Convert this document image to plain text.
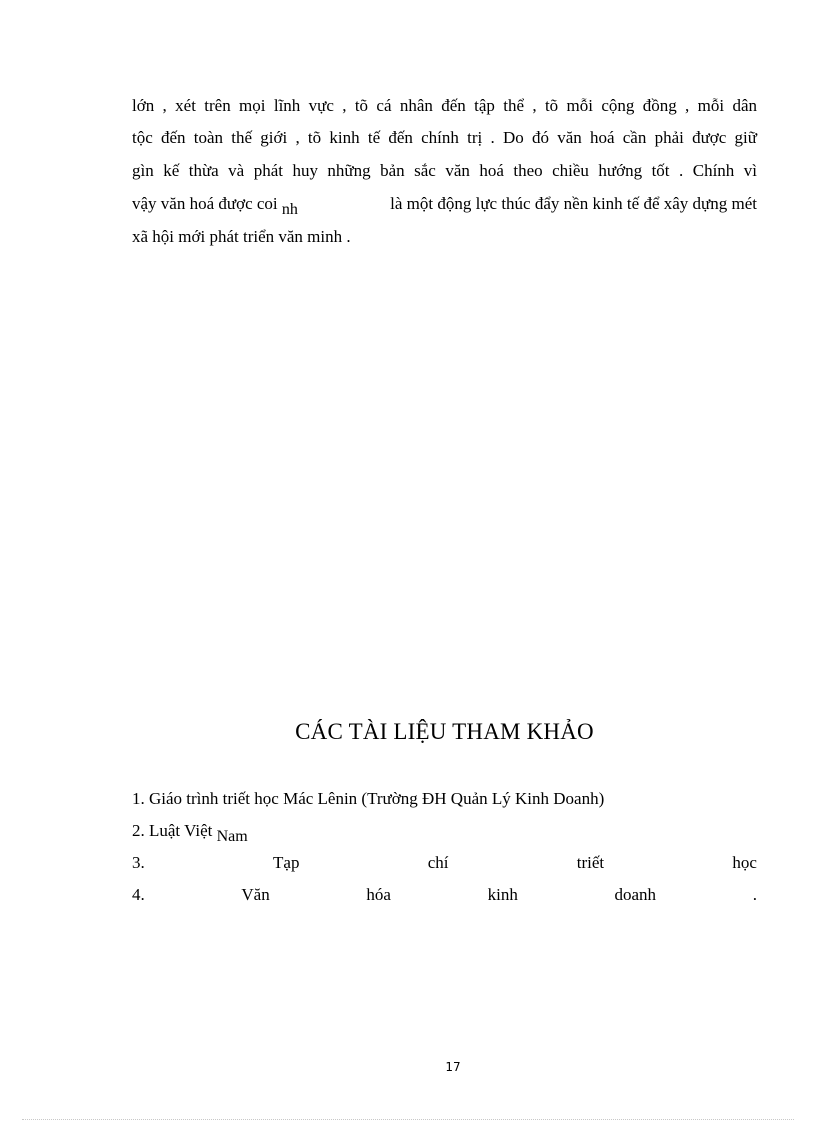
lớn , xét trên mọi lĩnh vực , tõ cá nhân đến tập thể , tõ mỗi cộng đồng , mỗi dân
tộc đến toàn thế giới , tõ kinh tế đến chính trị . Do đó văn hoá cần phải được giữ
gìn kế thừa và phát huy những bản sắc văn hoá theo chiều hướng tốt . Chính vì
vậy văn hoá được coi nh	là một động lực thúc đẩy nền kinh tế để xây dựng mét
xã hội mới phát triển văn minh .
CÁC TÀI LIỆU THAM KHẢO
1. Giáo trình triết học Mác Lênin (Trường ĐH Quản Lý Kinh Doanh)
2. Luật Việt Nam
3.	Tạp	chí	triết	học
4.	Văn	hóa	kinh	doanh	.
17
